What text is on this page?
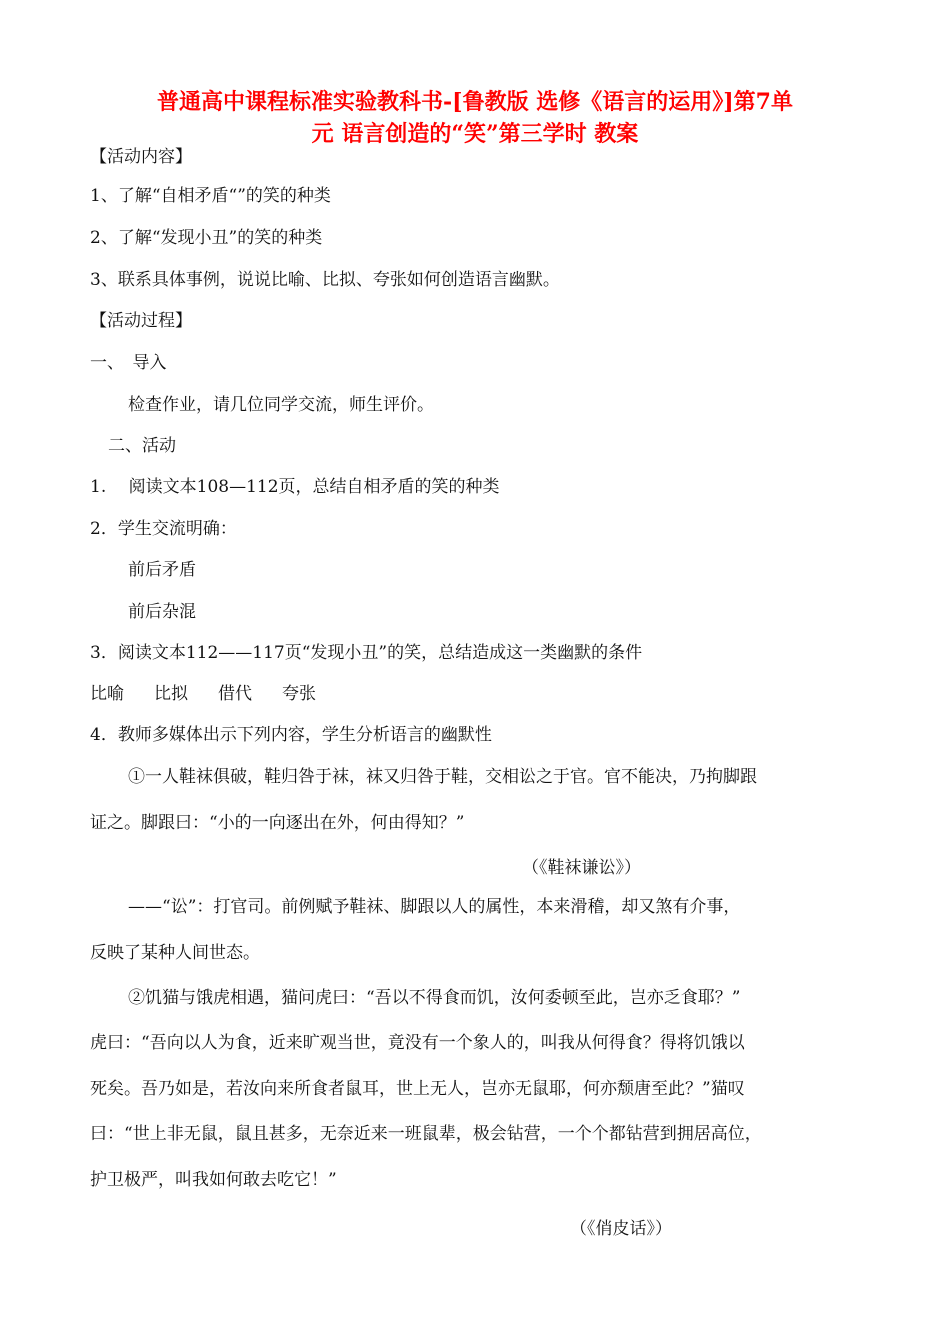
普通高中课程标准实验教科书-[鲁教版 选修《语言的运用》]第7单
元 语言创造的“笑”第三学时 教案
【活动内容】
1、了解“自相矛盾“”的笑的种类
2、了解“发现小丑”的笑的种类
3、联系具体事例，说说比喻、比拟、夸张如何创造语言幽默。
【活动过程】
一、　导入
检查作业，请几位同学交流，师生评价。
二、活动
1.　 阅读文本108—112页，总结自相矛盾的笑的种类
2．学生交流明确：
前后矛盾
前后杂混
3．阅读文本112——117页“发现小丑”的笑，总结造成这一类幽默的条件
比喻 比拟 借代 夸张
4．教师多媒体出示下列内容，学生分析语言的幽默性
①一人鞋袜俱破，鞋归咎于袜，袜又归咎于鞋，交相讼之于官。官不能决，乃拘脚跟
证之。脚跟曰：“小的一向逐出在外，何由得知？”
（《鞋袜谦讼》）
——“讼”：打官司。前例赋予鞋袜、脚跟以人的属性，本来滑稽，却又煞有介事，
反映了某种人间世态。
②饥猫与饿虎相遇，猫问虎曰：“吾以不得食而饥，汝何委顿至此，岂亦乏食耶？”
虎曰：“吾向以人为食，近来旷观当世，竟没有一个象人的，叫我从何得食？得将饥饿以
死矣。吾乃如是，若汝向来所食者鼠耳，世上无人，岂亦无鼠耶，何亦颓唐至此？”猫叹
曰：“世上非无鼠，鼠且甚多，无奈近来一班鼠辈，极会钻营，一个个都钻营到拥居高位，
护卫极严，叫我如何敢去吃它！”
（《俏皮话》）
